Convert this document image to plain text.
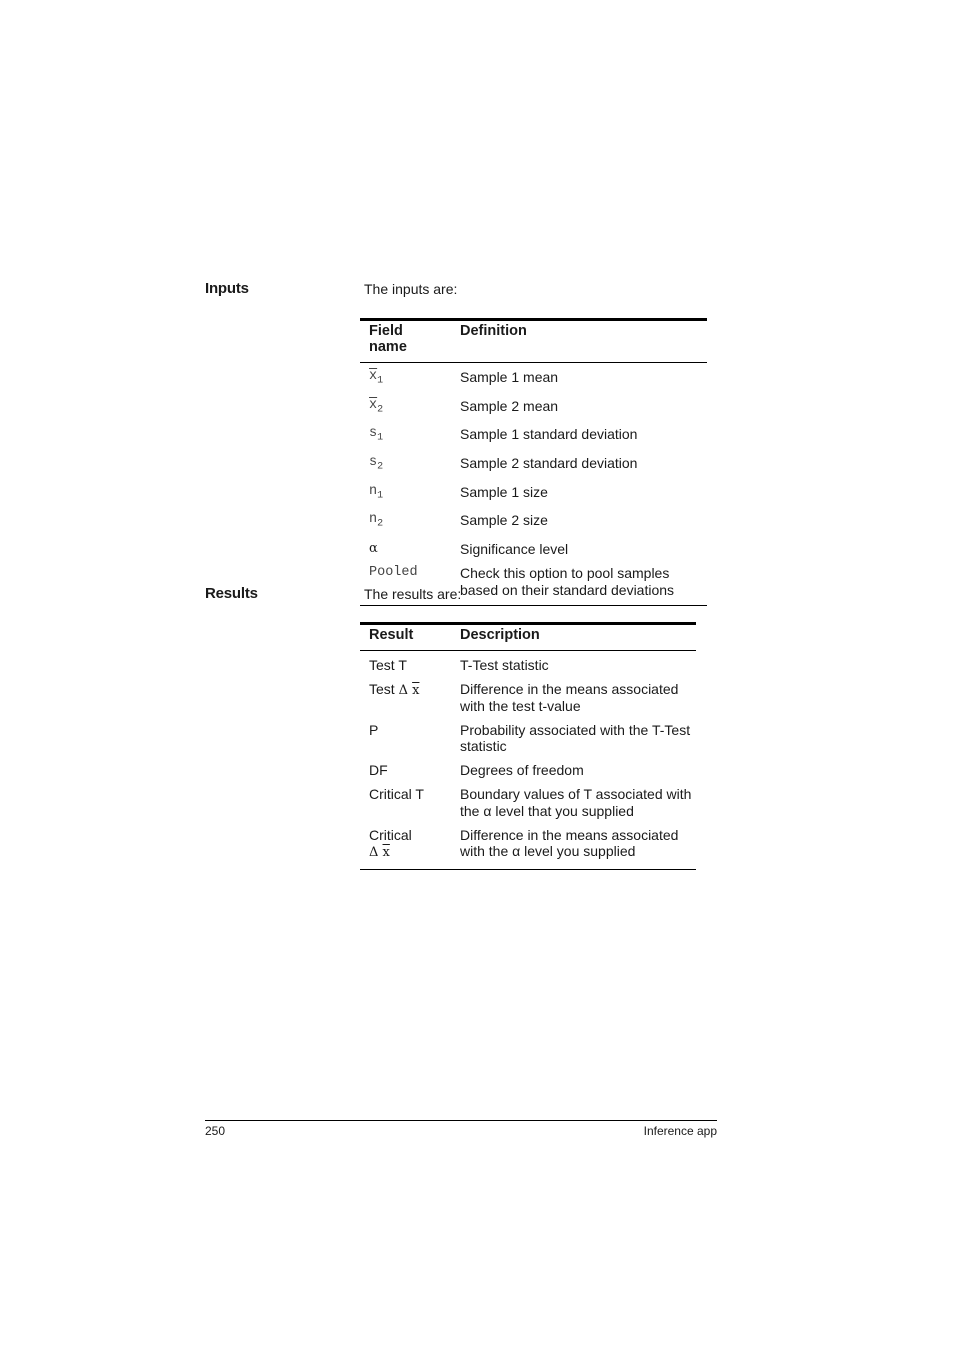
Inputs	The inputs are:
Field name	Definition
$\overline{x}_1$	Sample 1 mean
$\overline{x}_2$	Sample 2 mean
$s_1$	Sample 1 standard deviation
$s_2$	Sample 2 standard deviation
$n_1$	Sample 1 size
$n_2$	Sample 2 size
α	Significance level
Pooled	Check this option to pool samples based on their standard deviations
Results	The results are:
Result	Description
Test T	T-Test statistic
Test Δ $\overline{x}$	Difference in the means associated with the test t-value
P	Probability associated with the T-Test statistic
DF	Degrees of freedom
Critical T	Boundary values of T associated with the α level that you supplied
Critical
Δ $\overline{x}$	Difference in the means associated with the α level you supplied
250	Inference app
